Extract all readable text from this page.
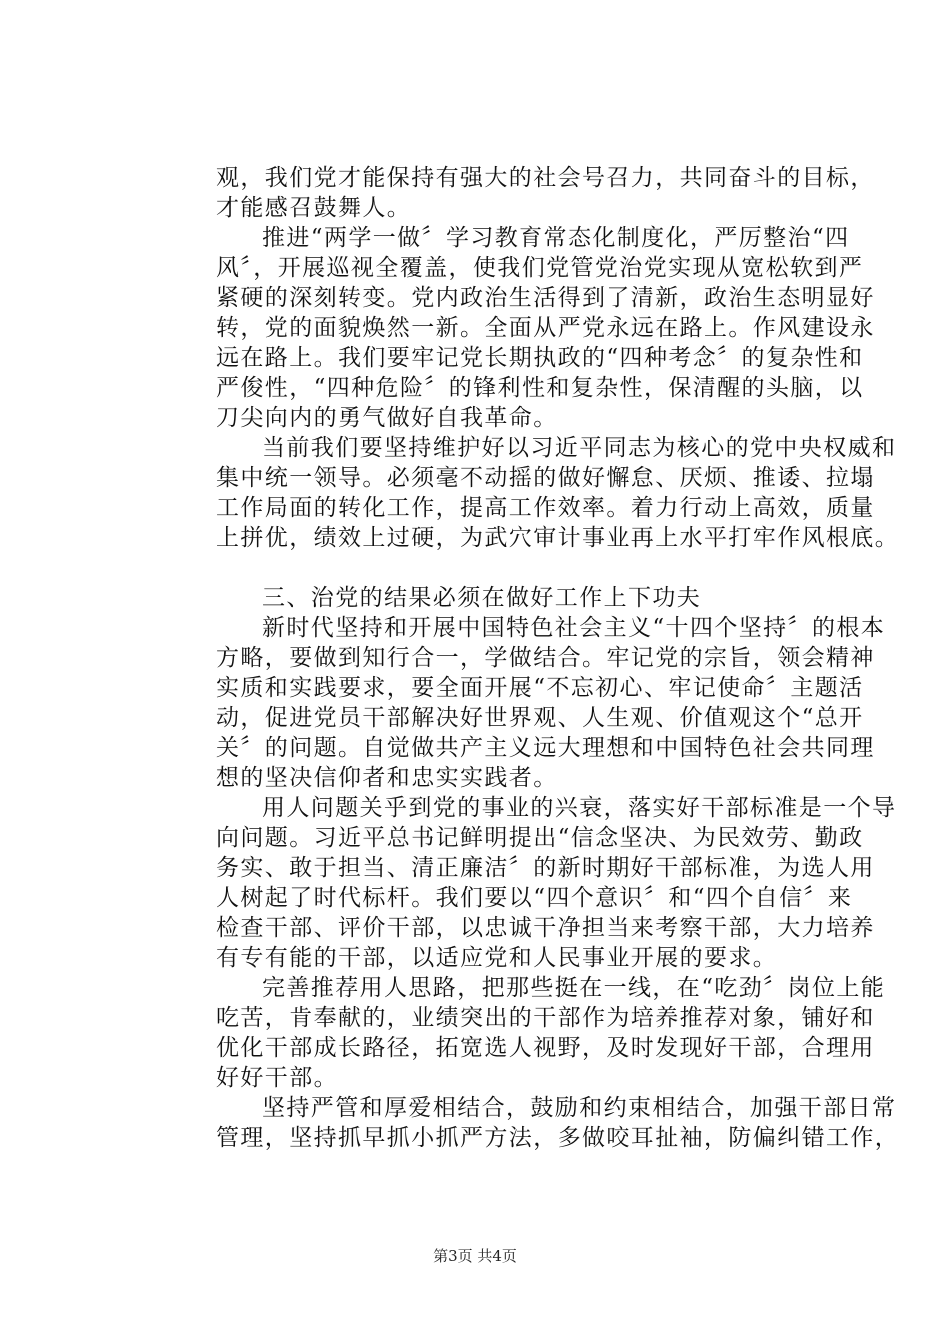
观，我们党才能保持有强大的社会号召力，共同奋斗的目标，
才能感召鼓舞人。
推进“两学一做〞学习教育常态化制度化，严厉整治“四
风〞，开展巡视全覆盖，使我们党管党治党实现从宽松软到严
紧硬的深刻转变。党内政治生活得到了清新，政治生态明显好
转，党的面貌焕然一新。全面从严党永远在路上。作风建设永
远在路上。我们要牢记党长期执政的“四种考念〞的复杂性和
严俊性，“四种危险〞的锋利性和复杂性，保清醒的头脑，以
刀尖向内的勇气做好自我革命。
当前我们要坚持维护好以习近平同志为核心的党中央权威和
集中统一领导。必须毫不动摇的做好懈怠、厌烦、推诿、拉塌
工作局面的转化工作，提高工作效率。着力行动上高效，质量
上拼优，绩效上过硬，为武穴审计事业再上水平打牢作风根底。
三、治党的结果必须在做好工作上下功夫
新时代坚持和开展中国特色社会主义“十四个坚持〞的根本
方略，要做到知行合一，学做结合。牢记党的宗旨，领会精神
实质和实践要求，要全面开展“不忘初心、牢记使命〞主题活
动，促进党员干部解决好世界观、人生观、价值观这个“总开
关〞的问题。自觉做共产主义远大理想和中国特色社会共同理
想的坚决信仰者和忠实实践者。
用人问题关乎到党的事业的兴衰，落实好干部标准是一个导
向问题。习近平总书记鲜明提出“信念坚决、为民效劳、勤政
务实、敢于担当、清正廉洁〞的新时期好干部标准，为选人用
人树起了时代标杆。我们要以“四个意识〞和“四个自信〞来
检查干部、评价干部，以忠诚干净担当来考察干部，大力培养
有专有能的干部，以适应党和人民事业开展的要求。
完善推荐用人思路，把那些挺在一线，在“吃劲〞岗位上能
吃苦，肯奉献的，业绩突出的干部作为培养推荐对象，铺好和
优化干部成长路径，拓宽选人视野，及时发现好干部，合理用
好好干部。
坚持严管和厚爱相结合，鼓励和约束相结合，加强干部日常
管理，坚持抓早抓小抓严方法，多做咬耳扯袖，防偏纠错工作，
第3页 共4页
